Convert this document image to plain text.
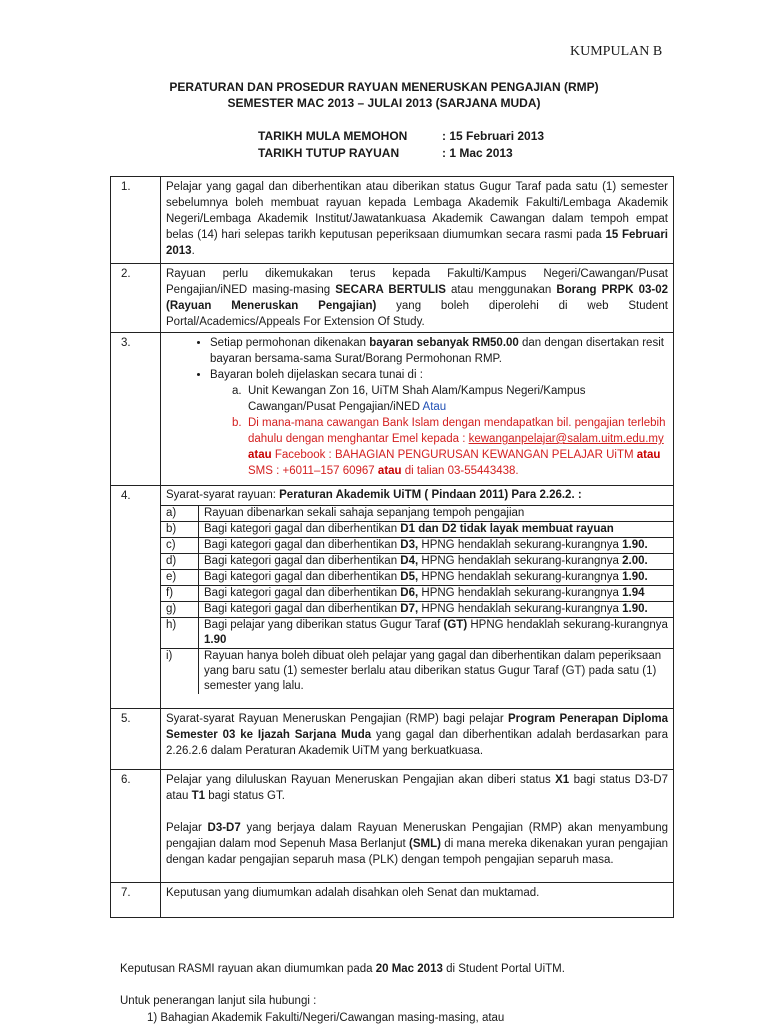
KUMPULAN B
PERATURAN DAN PROSEDUR RAYUAN MENERUSKAN PENGAJIAN (RMP)
SEMESTER MAC 2013 – JULAI 2013 (SARJANA MUDA)
TARIKH MULA MEMOHON	: 15 Februari 2013
TARIKH TUTUP RAYUAN	: 1 Mac 2013
1.	Pelajar yang gagal dan diberhentikan atau diberikan status Gugur Taraf pada satu (1) semester sebelumnya boleh membuat rayuan kepada Lembaga Akademik Fakulti/Lembaga Akademik Negeri/Lembaga Akademik Institut/Jawatankuasa Akademik Cawangan dalam tempoh empat belas (14) hari selepas tarikh keputusan peperiksaan diumumkan secara rasmi pada 15 Februari 2013.
2.	Rayuan perlu dikemukakan terus kepada Fakulti/Kampus Negeri/Cawangan/Pusat Pengajian/iNED masing-masing SECARA BERTULIS atau menggunakan Borang PRPK 03-02 (Rayuan Meneruskan Pengajian) yang boleh diperolehi di web Student Portal/Academics/Appeals For Extension Of Study.
3.	
•Setiap permohonan dikenakan bayaran sebanyak RM50.00 dan dengan disertakan resit bayaran bersama-sama Surat/Borang Permohonan RMP.
• Bayaran boleh dijelaskan secara tunai di :
a. Unit Kewangan Zon 16, UiTM Shah Alam/Kampus Negeri/Kampus Cawangan/Pusat Pengajian/iNED Atau
b. Di mana-mana cawangan Bank Islam dengan mendapatkan bil. pengajian terlebih dahulu dengan menghantar Emel kepada : kewanganpelajar@salam.uitm.edu.my atau Facebook : BAHAGIAN PENGURUSAN KEWANGAN PELAJAR UiTM atau SMS : +6011–157 60967 atau di talian 03-55443438.

4.	Syarat-syarat rayuan: Peraturan Akademik UiTM ( Pindaan 2011) Para 2.26.2. :
a)	Rayuan dibenarkan sekali sahaja sepanjang tempoh pengajian
b)	Bagi kategori gagal dan diberhentikan D1 dan D2 tidak layak membuat rayuan
c)	Bagi kategori gagal dan diberhentikan D3, HPNG hendaklah sekurang-kurangnya 1.90.
d)	Bagi kategori gagal dan diberhentikan D4, HPNG hendaklah sekurang-kurangnya 2.00.
e)	Bagi kategori gagal dan diberhentikan D5, HPNG hendaklah sekurang-kurangnya 1.90.
f)	Bagi kategori gagal dan diberhentikan D6, HPNG hendaklah sekurang-kurangnya 1.94
g)	Bagi kategori gagal dan diberhentikan D7, HPNG hendaklah sekurang-kurangnya 1.90.
h)	Bagi pelajar yang diberikan status Gugur Taraf (GT) HPNG hendaklah sekurang-kurangnya 1.90
i)	Rayuan hanya boleh dibuat oleh pelajar yang gagal dan diberhentikan dalam peperiksaan yang baru satu (1) semester berlalu atau diberikan status Gugur Taraf (GT) pada satu (1) semester yang lalu.

5.	Syarat-syarat Rayuan Meneruskan Pengajian (RMP) bagi pelajar Program Penerapan Diploma Semester 03 ke Ijazah Sarjana Muda yang gagal dan diberhentikan adalah berdasarkan para 2.26.2.6 dalam Peraturan Akademik UiTM yang berkuatkuasa.
6.	Pelajar yang diluluskan Rayuan Meneruskan Pengajian akan diberi status X1 bagi status D3-D7 atau T1 bagi status GT.
Pelajar D3-D7 yang berjaya dalam Rayuan Meneruskan Pengajian (RMP) akan menyambung pengajian dalam mod Sepenuh Masa Berlanjut (SML) di mana mereka dikenakan yuran pengajian dengan kadar pengajian separuh masa (PLK) dengan tempoh pengajian separuh masa.

7.	Keputusan yang diumumkan adalah disahkan oleh Senat dan muktamad.
Keputusan RASMI rayuan akan diumumkan pada 20 Mac 2013 di Student Portal UiTM.
Untuk penerangan lanjut sila hubungi :
1) Bahagian Akademik Fakulti/Negeri/Cawangan masing-masing, atau
